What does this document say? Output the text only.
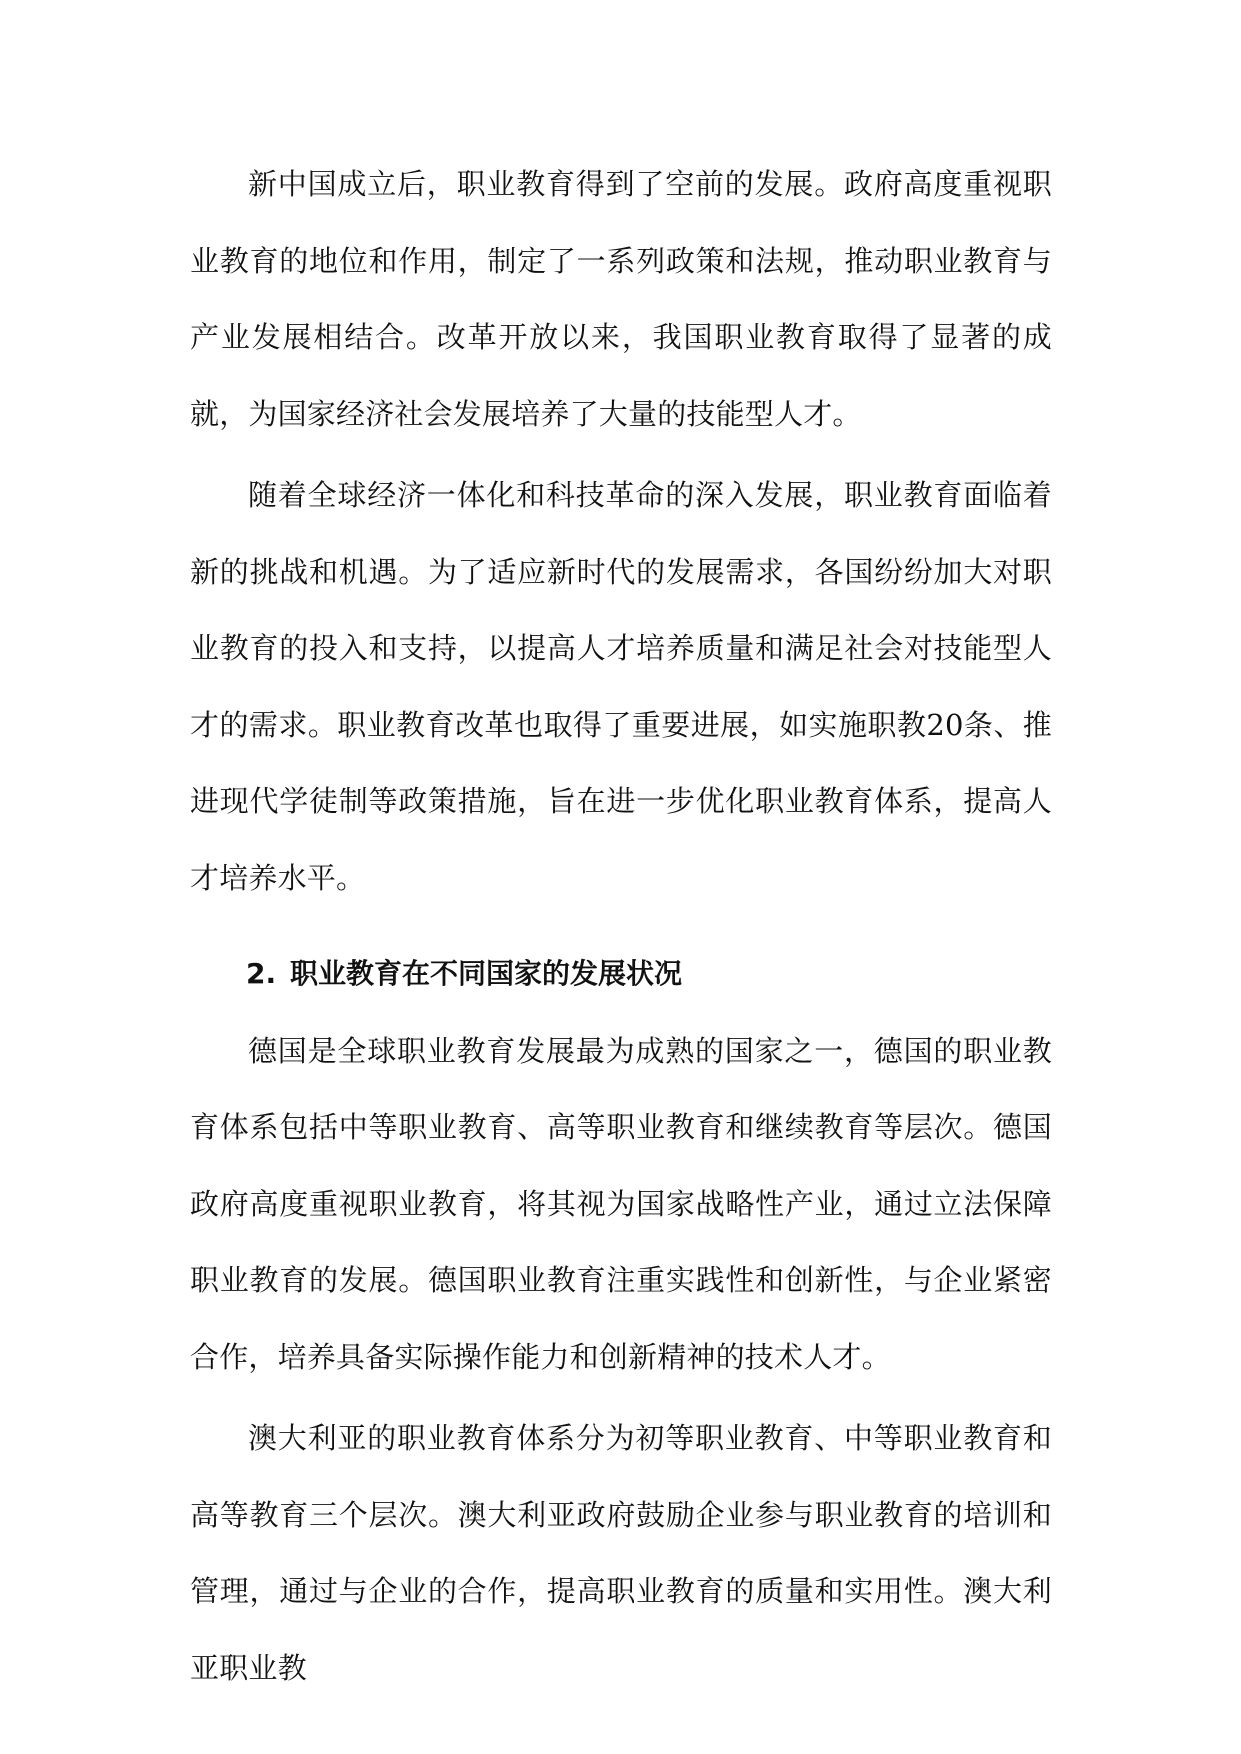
新中国成立后，职业教育得到了空前的发展。政府高度重视职业教育的地位和作用，制定了一系列政策和法规，推动职业教育与产业发展相结合。改革开放以来，我国职业教育取得了显著的成就，为国家经济社会发展培养了大量的技能型人才。

随着全球经济一体化和科技革命的深入发展，职业教育面临着新的挑战和机遇。为了适应新时代的发展需求，各国纷纷加大对职业教育的投入和支持，以提高人才培养质量和满足社会对技能型人才的需求。职业教育改革也取得了重要进展，如实施职教20条、推进现代学徒制等政策措施，旨在进一步优化职业教育体系，提高人才培养水平。

2. 职业教育在不同国家的发展状况

德国是全球职业教育发展最为成熟的国家之一，德国的职业教育体系包括中等职业教育、高等职业教育和继续教育等层次。德国政府高度重视职业教育，将其视为国家战略性产业，通过立法保障职业教育的发展。德国职业教育注重实践性和创新性，与企业紧密合作，培养具备实际操作能力和创新精神的技术人才。

澳大利亚的职业教育体系分为初等职业教育、中等职业教育和高等教育三个层次。澳大利亚政府鼓励企业参与职业教育的培训和管理，通过与企业的合作，提高职业教育的质量和实用性。澳大利亚职业教
